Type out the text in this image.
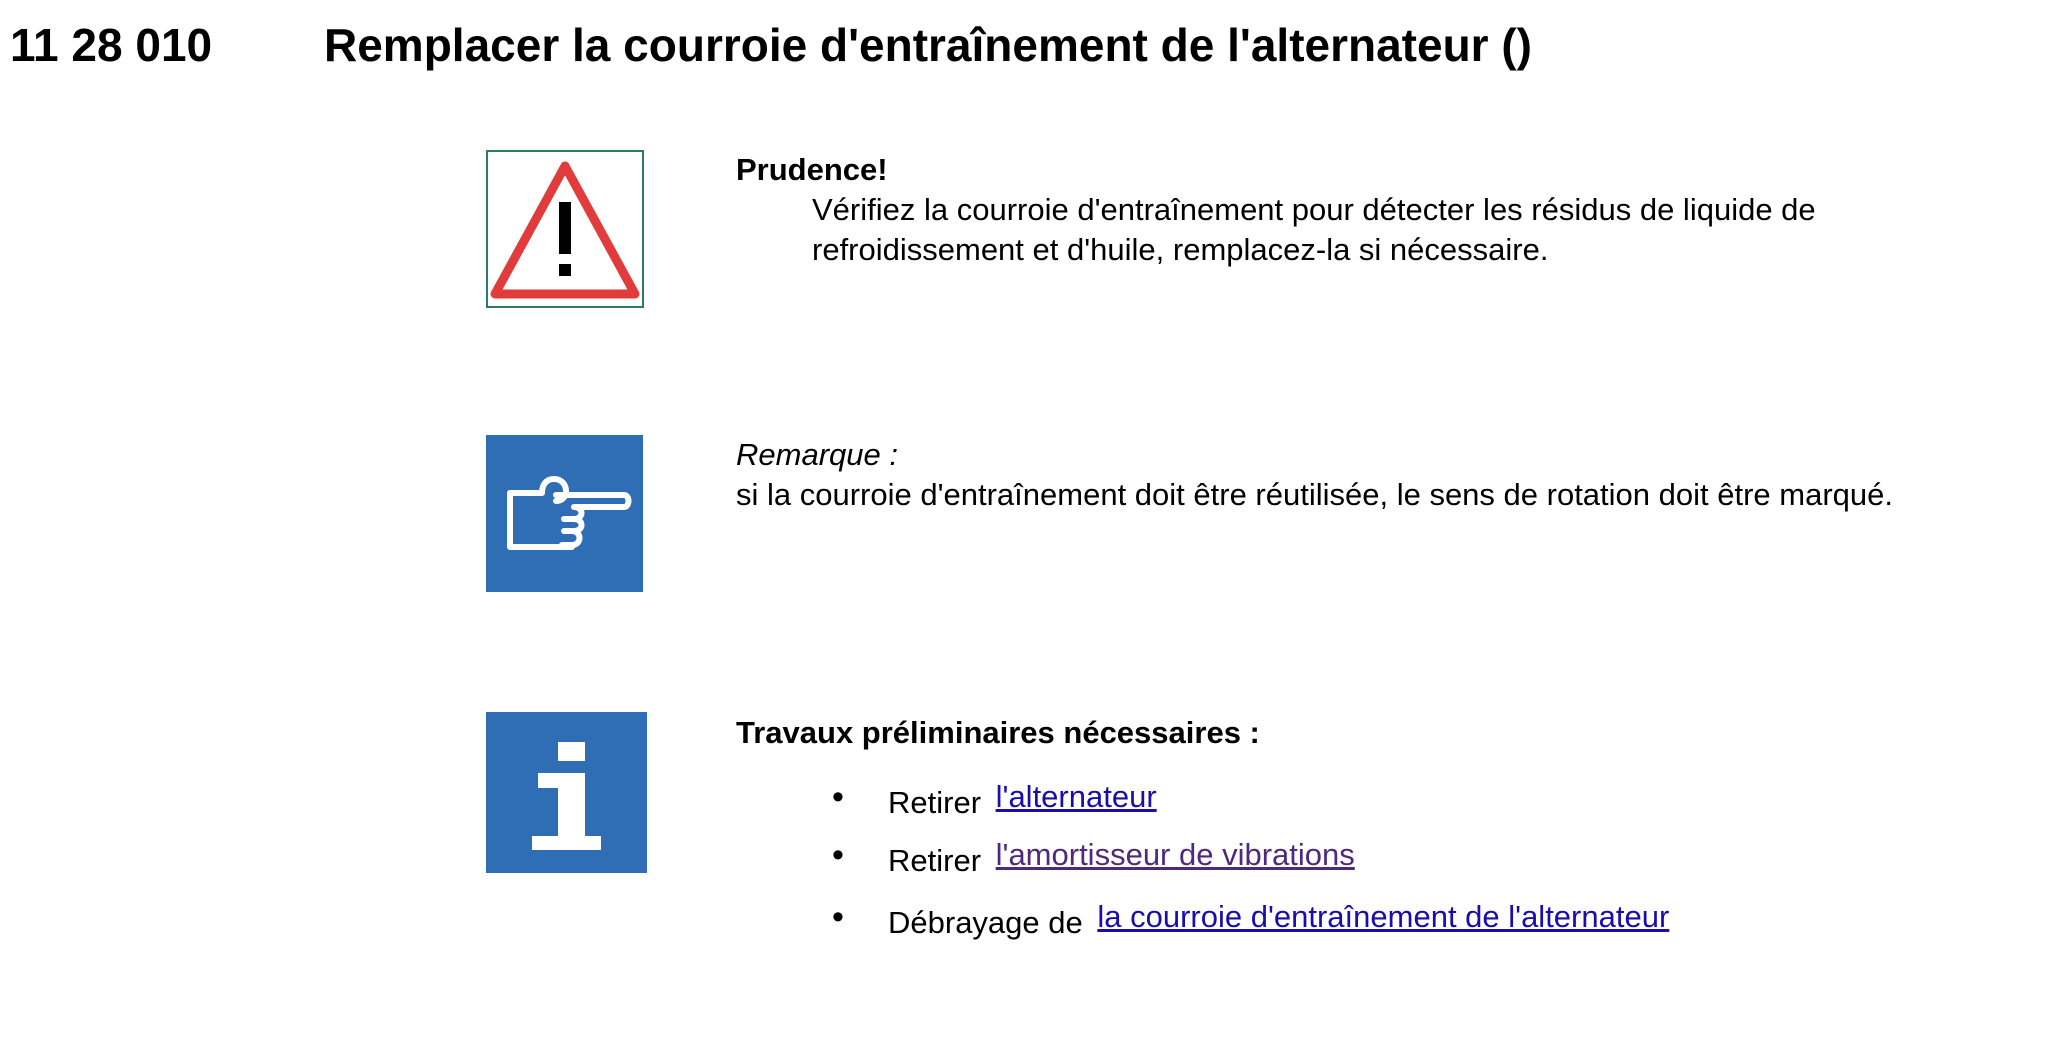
11 28 010 Remplacer la courroie d'entraînement de l'alternateur ()
Prudence!
Vérifiez la courroie d'entraînement pour détecter les résidus de liquide de refroidissement et d'huile, remplacez-la si nécessaire.
Remarque :
si la courroie d'entraînement doit être réutilisée, le sens de rotation doit être marqué.
Travaux préliminaires nécessaires :
• Retirer l'alternateur
• Retirer l'amortisseur de vibrations
• Débrayage de la courroie d'entraînement de l'alternateur
